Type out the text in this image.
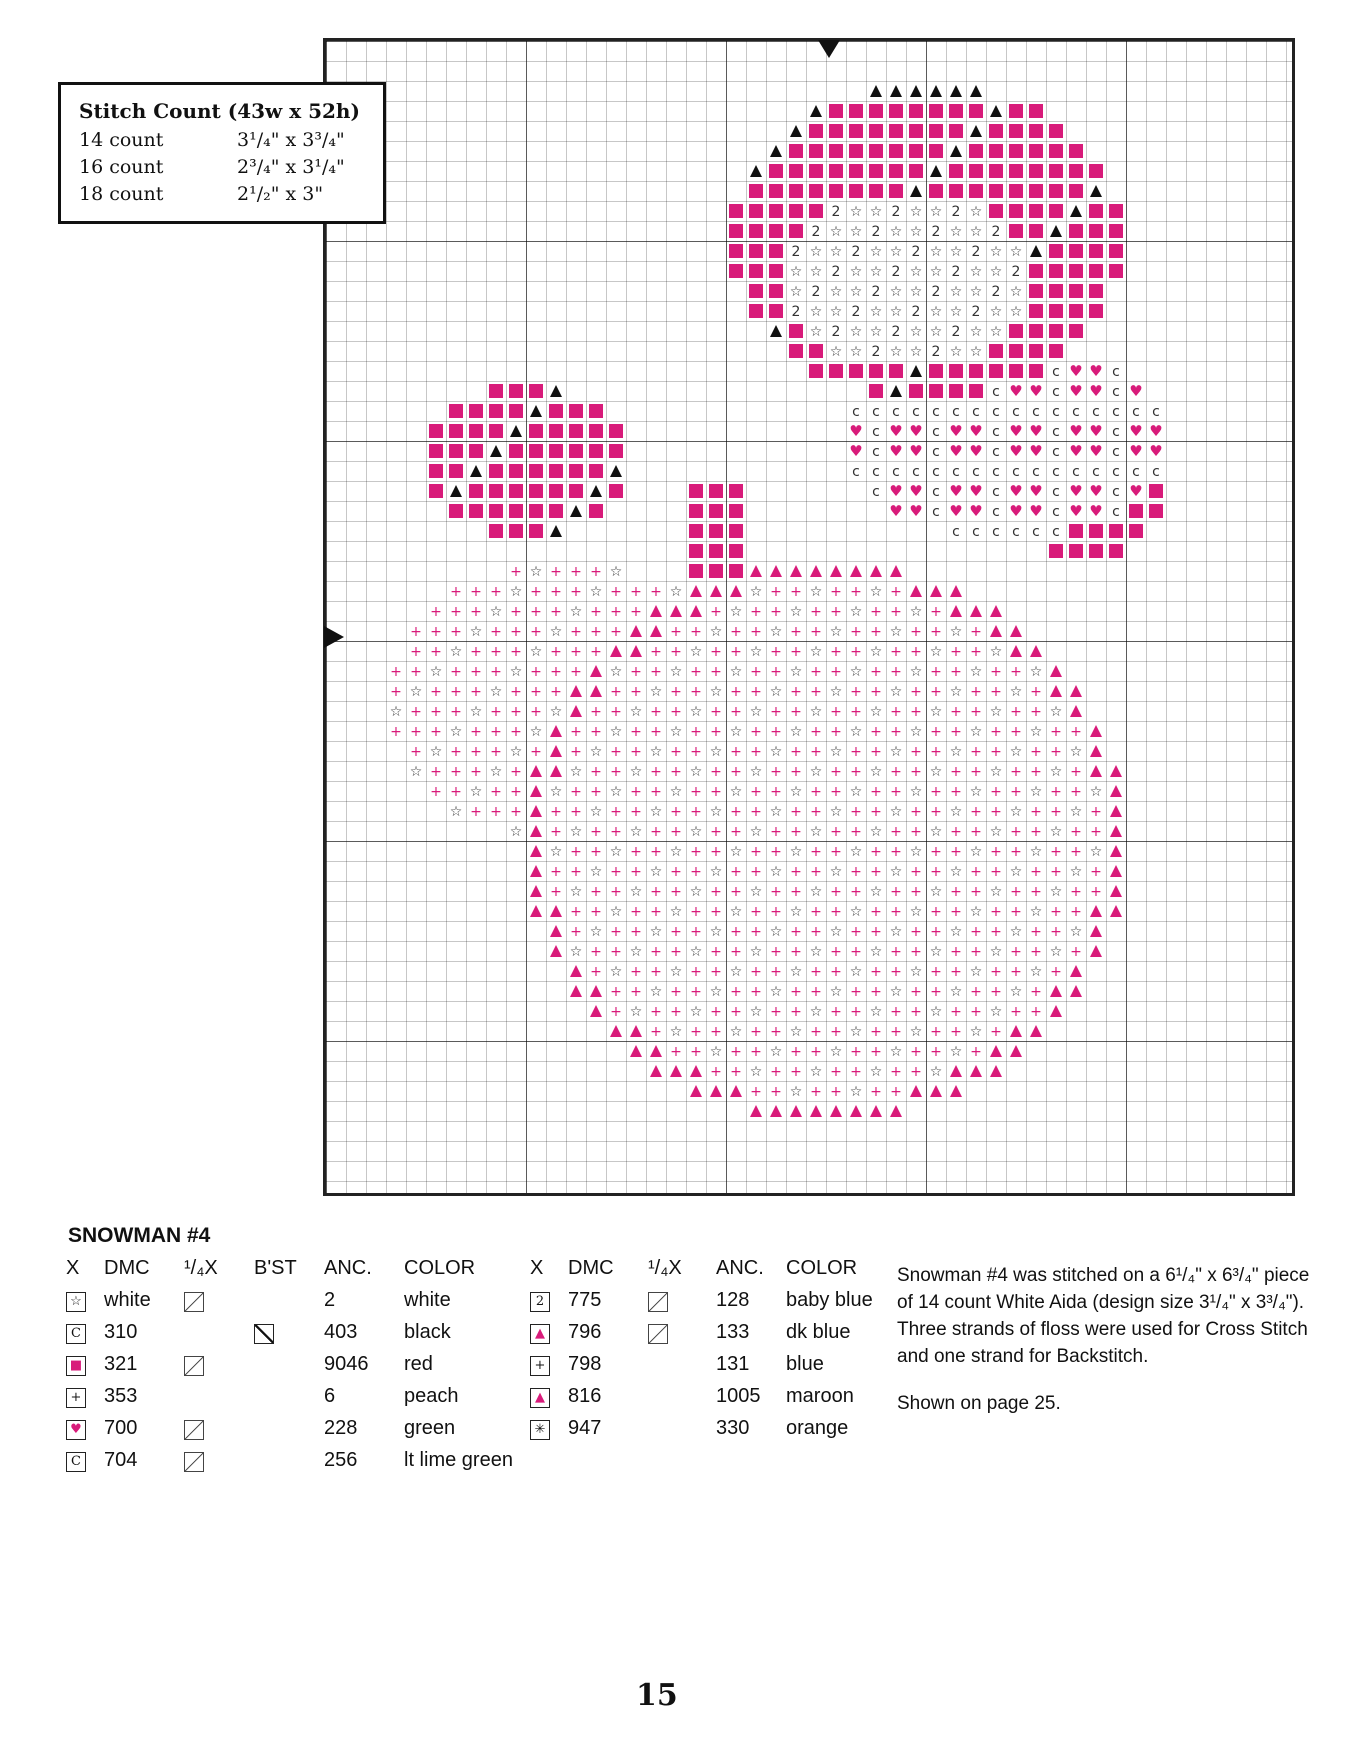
2 ☆ ☆ 2 ☆ ☆ 2 ☆
2 ☆ ☆ 2 ☆ ☆ 2 ☆ ☆ 2
2 ☆ ☆ 2 ☆ ☆ 2 ☆ ☆ 2 ☆ ☆
☆ ☆ 2 ☆ ☆ 2 ☆ ☆ 2 ☆ ☆ 2
☆ 2 ☆ ☆ 2 ☆ ☆ 2 ☆ ☆ 2 ☆
2 ☆ ☆ 2 ☆ ☆ 2 ☆ ☆ 2 ☆ ☆
☆ 2 ☆ ☆ 2 ☆ ☆ 2 ☆ ☆
☆ ☆ 2 ☆ ☆ 2 ☆ ☆
c ♥ ♥ c
c ♥ ♥ c ♥ ♥ c ♥
c c c c c c c c c c c c c c c c
♥ c ♥ ♥ c ♥ ♥ c ♥ ♥ c ♥ ♥ c ♥ ♥
♥ c ♥ ♥ c ♥ ♥ c ♥ ♥ c ♥ ♥ c ♥ ♥
c c c c c c c c c c c c c c c c
c ♥ ♥ c ♥ ♥ c ♥ ♥ c ♥ ♥ c ♥
♥ ♥ c ♥ ♥ c ♥ ♥ c ♥ ♥ c
c c c c c c
+ ☆ + + + ☆
+ + + ☆ + + + ☆ + + + ☆	☆ + + ☆ + + ☆ +
+ + + ☆ + + + ☆ + + +	+ ☆ + + ☆ + + ☆ + + ☆ +
+ + + ☆ + + + ☆ + + +	+ + ☆ + + ☆ + + ☆ + + ☆ + + ☆ +
+ + ☆ + + + ☆ + + +	+ + ☆ + + ☆ + + ☆ + + ☆ + + ☆ + + ☆
+ + ☆ + + + ☆ + + + ☆ + + ☆ + + ☆ + + ☆ + + ☆ + + ☆ + + ☆ + + ☆
+ ☆ + + + ☆ + + +	+ + ☆ + + ☆ + + ☆ + + ☆ + + ☆ + + ☆ + + ☆ +
☆ + + + ☆ + + + ☆ + + ☆ + + ☆ + + ☆ + + ☆ + + ☆ + + ☆ + + ☆ + + ☆
+ + + ☆ + + + ☆ + + ☆ + + ☆ + + ☆ + + ☆ + + ☆ + + ☆ + + ☆ + + ☆ + +
+ ☆ + + + ☆ + + ☆ + + ☆ + + ☆ + + ☆ + + ☆ + + ☆ + + ☆ + + ☆ + + ☆
☆ + + + ☆ +	☆ + + ☆ + + ☆ + + ☆ + + ☆ + + ☆ + + ☆ + + ☆ + + ☆ +
+ + ☆ + + ☆ + + ☆ + + ☆ + + ☆ + + ☆ + + ☆ + + ☆ + + ☆ + + ☆ + + ☆
☆ + + + + + ☆ + + ☆ + + ☆ + + ☆ + + ☆ + + ☆ + + ☆ + + ☆ + + ☆ +
☆ + ☆ + + ☆ + + ☆ + + ☆ + + ☆ + + ☆ + + ☆ + + ☆ + + ☆ + +
☆ + + ☆ + + ☆ + + ☆ + + ☆ + + ☆ + + ☆ + + ☆ + + ☆ + + ☆
+ + ☆ + + ☆ + + ☆ + + ☆ + + ☆ + + ☆ + + ☆ + + ☆ + + ☆ +
+ ☆ + + ☆ + + ☆ + + ☆ + + ☆ + + ☆ + + ☆ + + ☆ + + ☆ + +
+ + ☆ + + ☆ + + ☆ + + ☆ + + ☆ + + ☆ + + ☆ + + ☆ + +
+ ☆ + + ☆ + + ☆ + + ☆ + + ☆ + + ☆ + + ☆ + + ☆ + + ☆
☆ + + ☆ + + ☆ + + ☆ + + ☆ + + ☆ + + ☆ + + ☆ + + ☆ +
+ ☆ + + ☆ + + ☆ + + ☆ + + ☆ + + ☆ + + ☆ + + ☆ +
+ + ☆ + + ☆ + + ☆ + + ☆ + + ☆ + + ☆ + + ☆ +
+ ☆ + + ☆ + + ☆ + + ☆ + + ☆ + + ☆ + + ☆ + +
+ ☆ + + ☆ + + ☆ + + ☆ + + ☆ + + ☆ +
+ + ☆ + + ☆ + + ☆ + + ☆ + + ☆ +
+ + ☆ + + ☆ + + ☆ + + ☆
+ + ☆ + + ☆ + +
Stitch Count (43w x 52h)
14 count	3¹/₄" x 3³/₄"
16 count	2³/₄" x 3¹/₄"
18 count	2¹/₂" x 3"
SNOWMAN #4
X	DMC	¹/₄X	B'ST	ANC.	COLOR
☆	white			2	white
C	310			403	black
■	321			9046	red
+	353			6	peach
♥	700			228	green
C	704			256	lt lime green
X	DMC	¹/₄X	ANC.	COLOR
2	775		128	baby blue
▲	796		133	dk blue
+	798		131	blue
▲	816		1005	maroon
✳	947		330	orange

Snowman #4 was stitched on a 6¹/₄" x 6³/₄" piece of 14 count White Aida (design size 3¹/₄" x 3³/₄"). Three strands of floss were used for Cross Stitch and one strand for Backstitch.

Shown on page 25.

15
